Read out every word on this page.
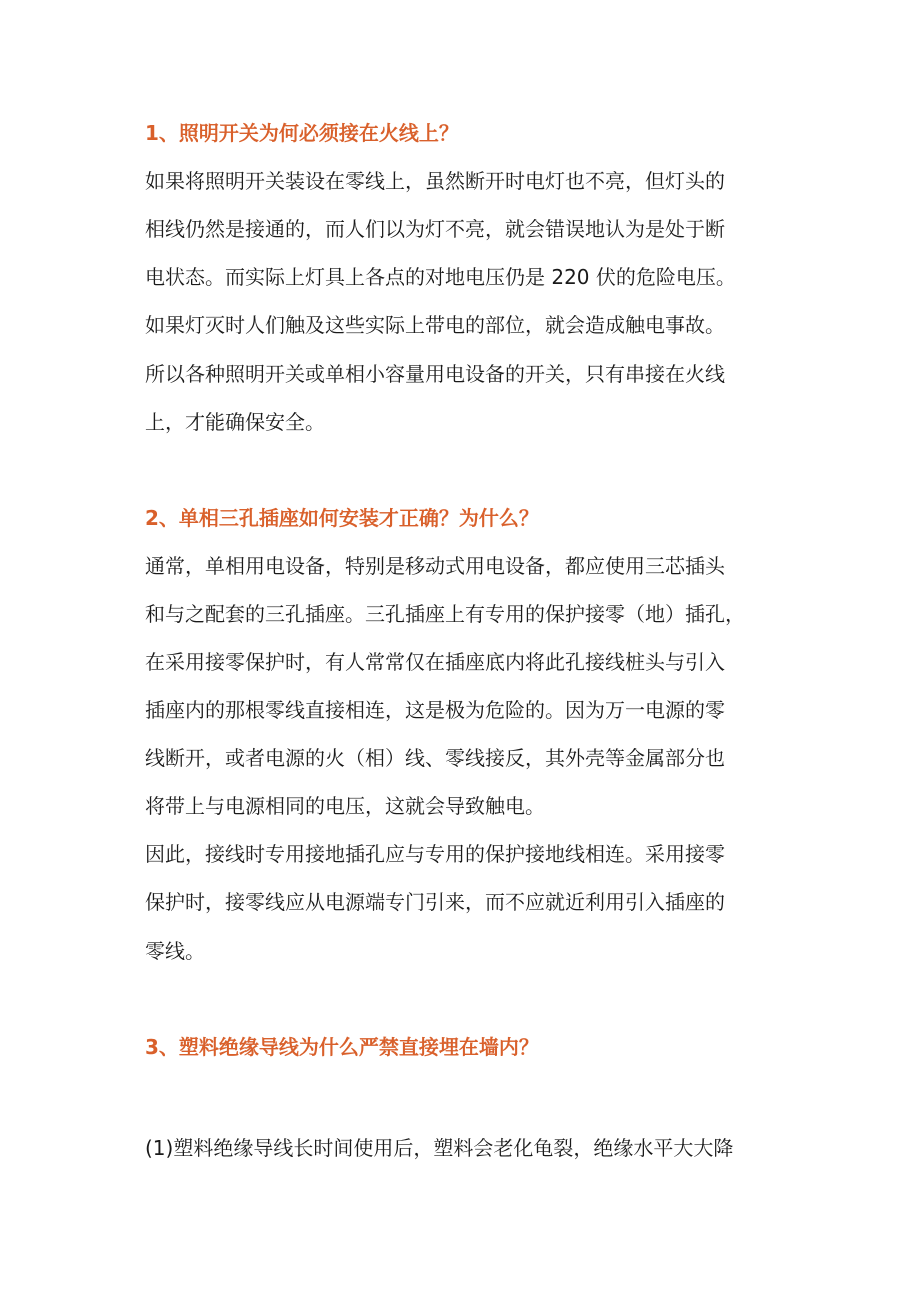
1、照明开关为何必须接在火线上？

如果将照明开关装设在零线上，虽然断开时电灯也不亮，但灯头的

相线仍然是接通的，而人们以为灯不亮，就会错误地认为是处于断

电状态。而实际上灯具上各点的对地电压仍是 220 伏的危险电压。

如果灯灭时人们触及这些实际上带电的部位，就会造成触电事故。

所以各种照明开关或单相小容量用电设备的开关，只有串接在火线

上，才能确保安全。

2、单相三孔插座如何安装才正确？为什么？

通常，单相用电设备，特别是移动式用电设备，都应使用三芯插头

和与之配套的三孔插座。三孔插座上有专用的保护接零（地）插孔，

在采用接零保护时，有人常常仅在插座底内将此孔接线桩头与引入

插座内的那根零线直接相连，这是极为危险的。因为万一电源的零

线断开，或者电源的火（相）线、零线接反，其外壳等金属部分也

将带上与电源相同的电压，这就会导致触电。

因此，接线时专用接地插孔应与专用的保护接地线相连。采用接零

保护时，接零线应从电源端专门引来，而不应就近利用引入插座的

零线。

3、塑料绝缘导线为什么严禁直接埋在墙内？

(1)塑料绝缘导线长时间使用后，塑料会老化龟裂，绝缘水平大大降
